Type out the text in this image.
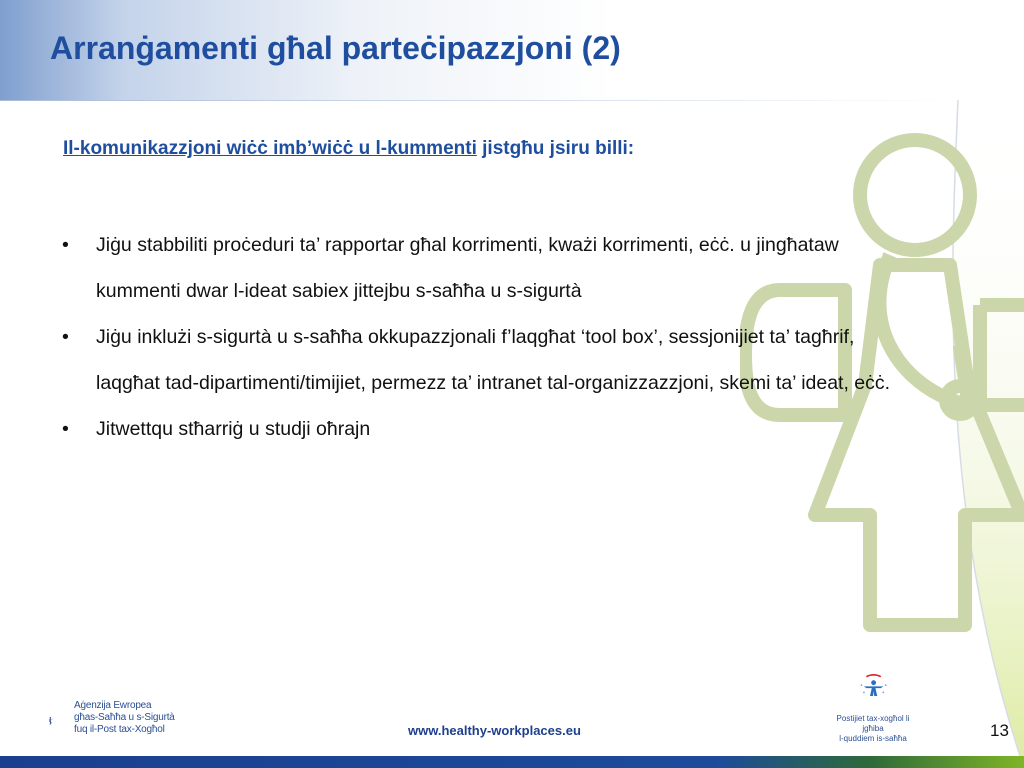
Arranġamenti għal parteċipazzjoni (2)
Il-komunikazzjoni wiċċ imb’wiċċ u l-kummenti jistgħu jsiru billi:
• Jiġu stabbiliti proċeduri ta’ rapportar għal korrimenti, kważi korrimenti, eċċ. u jingħataw kummenti dwar l-ideat sabiex jittejbu s-saħħa u s-sigurtà
• Jiġu inklużi s-sigurtà u s-saħħa okkupazzjonali f’laqgħat ‘tool box’, sessjonijiet ta’ tagħrif, laqgħat tad-dipartimenti/timijiet, permezz ta’ intranet tal-organizzazzjoni, skemi ta’ ideat, eċċ.
• Jitwettqu stħarriġ u studji oħrajn
Aġenzija Ewropea
għas-Saħħa u s-Sigurtà
fuq il-Post tax-Xogħol	www.healthy-workplaces.eu
Postijiet tax-xogħol li jgħiba
l-quddiem is-saħħa	13
